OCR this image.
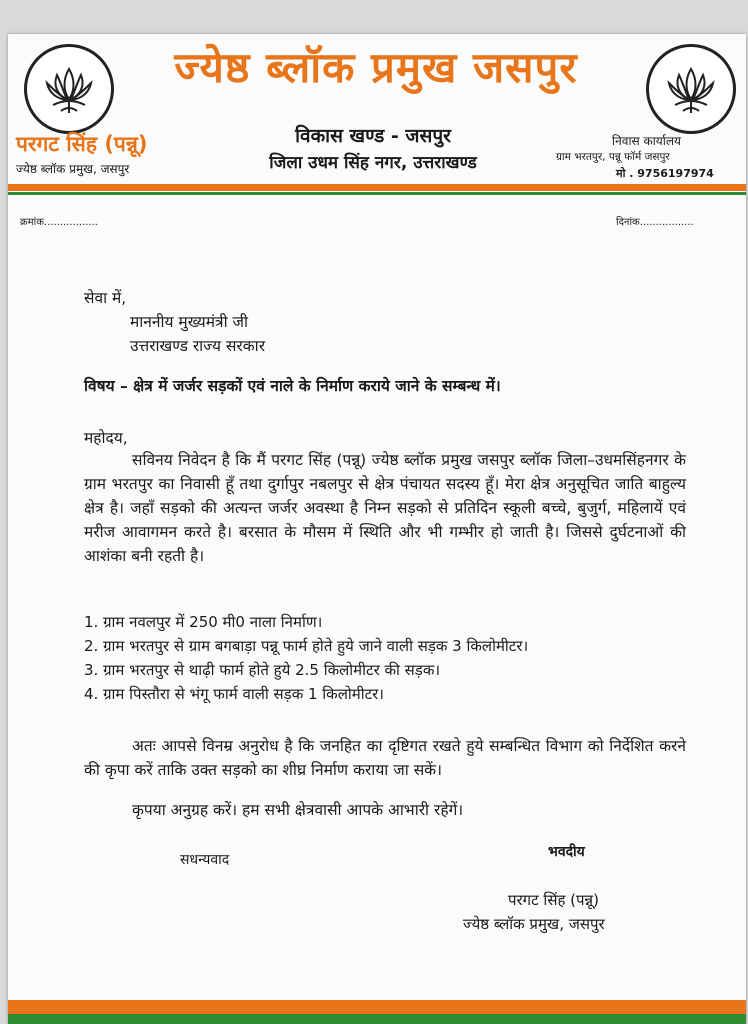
ज्येष्ठ ब्लॉक प्रमुख जसपुर
परगट सिंह (पन्नू)
ज्येष्ठ ब्लॉक प्रमुख, जसपुर
विकास खण्ड - जसपुर
जिला उधम सिंह नगर, उत्तराखण्ड
निवास कार्यालय
ग्राम भरतपुर, पन्नू फॉर्म जसपुर
मो . 9756197974
क्रमांक.................	दिनांक.................
सेवा में,
माननीय मुख्यमंत्री जी
उत्तराखण्ड राज्य सरकार
विषय – क्षेत्र में जर्जर सड़कों एवं नाले के निर्माण कराये जाने के सम्बन्ध में।
महोदय,

सविनय निवेदन है कि मैं परगट सिंह (पन्नू) ज्येष्ठ ब्लॉक प्रमुख जसपुर ब्लॉक जिला–उधमसिंहनगर के ग्राम भरतपुर का निवासी हूँ तथा दुर्गापुर नबलपुर से क्षेत्र पंचायत सदस्य हूँ। मेरा क्षेत्र अनुसूचित जाति बाहुल्य क्षेत्र है। जहाँ सड़को की अत्यन्त जर्जर अवस्था है निम्न सड़को से प्रतिदिन स्कूली बच्चे, बुजुर्ग, महिलायें एवं मरीज आवागमन करते है। बरसात के मौसम में स्थिति और भी गम्भीर हो जाती है। जिससे दुर्घटनाओं की आशंका बनी रहती है।

1. ग्राम नवलपुर में 250 मी0 नाला निर्माण।
2. ग्राम भरतपुर से ग्राम बगबाड़ा पन्नू फार्म होते हुये जाने वाली सड़क 3 किलोमीटर।
3. ग्राम भरतपुर से थाढ़ी फार्म होते हुये 2.5 किलोमीटर की सड़क।
4. ग्राम पिस्तौरा से भंगू फार्म वाली सड़क 1 किलोमीटर।

अतः आपसे विनम्र अनुरोध है कि जनहित का दृष्टिगत रखते हुये सम्बन्धित विभाग को निर्देशित करने की कृपा करें ताकि उक्त सड़को का शीघ्र निर्माण कराया जा सकें।

कृपया अनुग्रह करें। हम सभी क्षेत्रवासी आपके आभारी रहेगें।
सधन्यवाद	भवदीय
परगट सिंह (पन्नू)
ज्येष्ठ ब्लॉक प्रमुख, जसपुर
